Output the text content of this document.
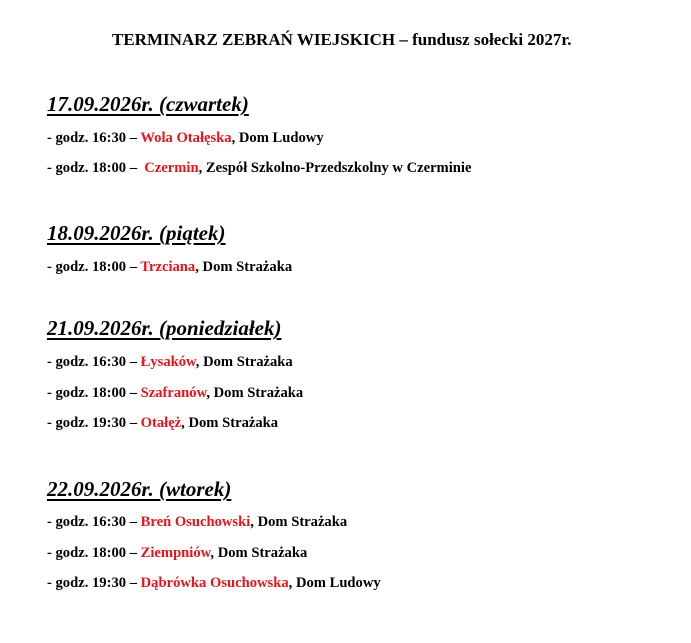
TERMINARZ ZEBRAŃ WIEJSKICH – fundusz sołecki 2027r.
17.09.2026r. (czwartek)
- godz. 16:30 – Wola Otałęska, Dom Ludowy
- godz. 18:00 –  Czermin, Zespół Szkolno-Przedszkolny w Czerminie
18.09.2026r. (piątek)
- godz. 18:00 – Trzciana, Dom Strażaka
21.09.2026r. (poniedziałek)
- godz. 16:30 – Łysaków, Dom Strażaka
- godz. 18:00 – Szafranów, Dom Strażaka
- godz. 19:30 – Otałęż, Dom Strażaka
22.09.2026r. (wtorek)
- godz. 16:30 – Breń Osuchowski, Dom Strażaka
- godz. 18:00 – Ziempniów, Dom Strażaka
- godz. 19:30 – Dąbrówka Osuchowska, Dom Ludowy
